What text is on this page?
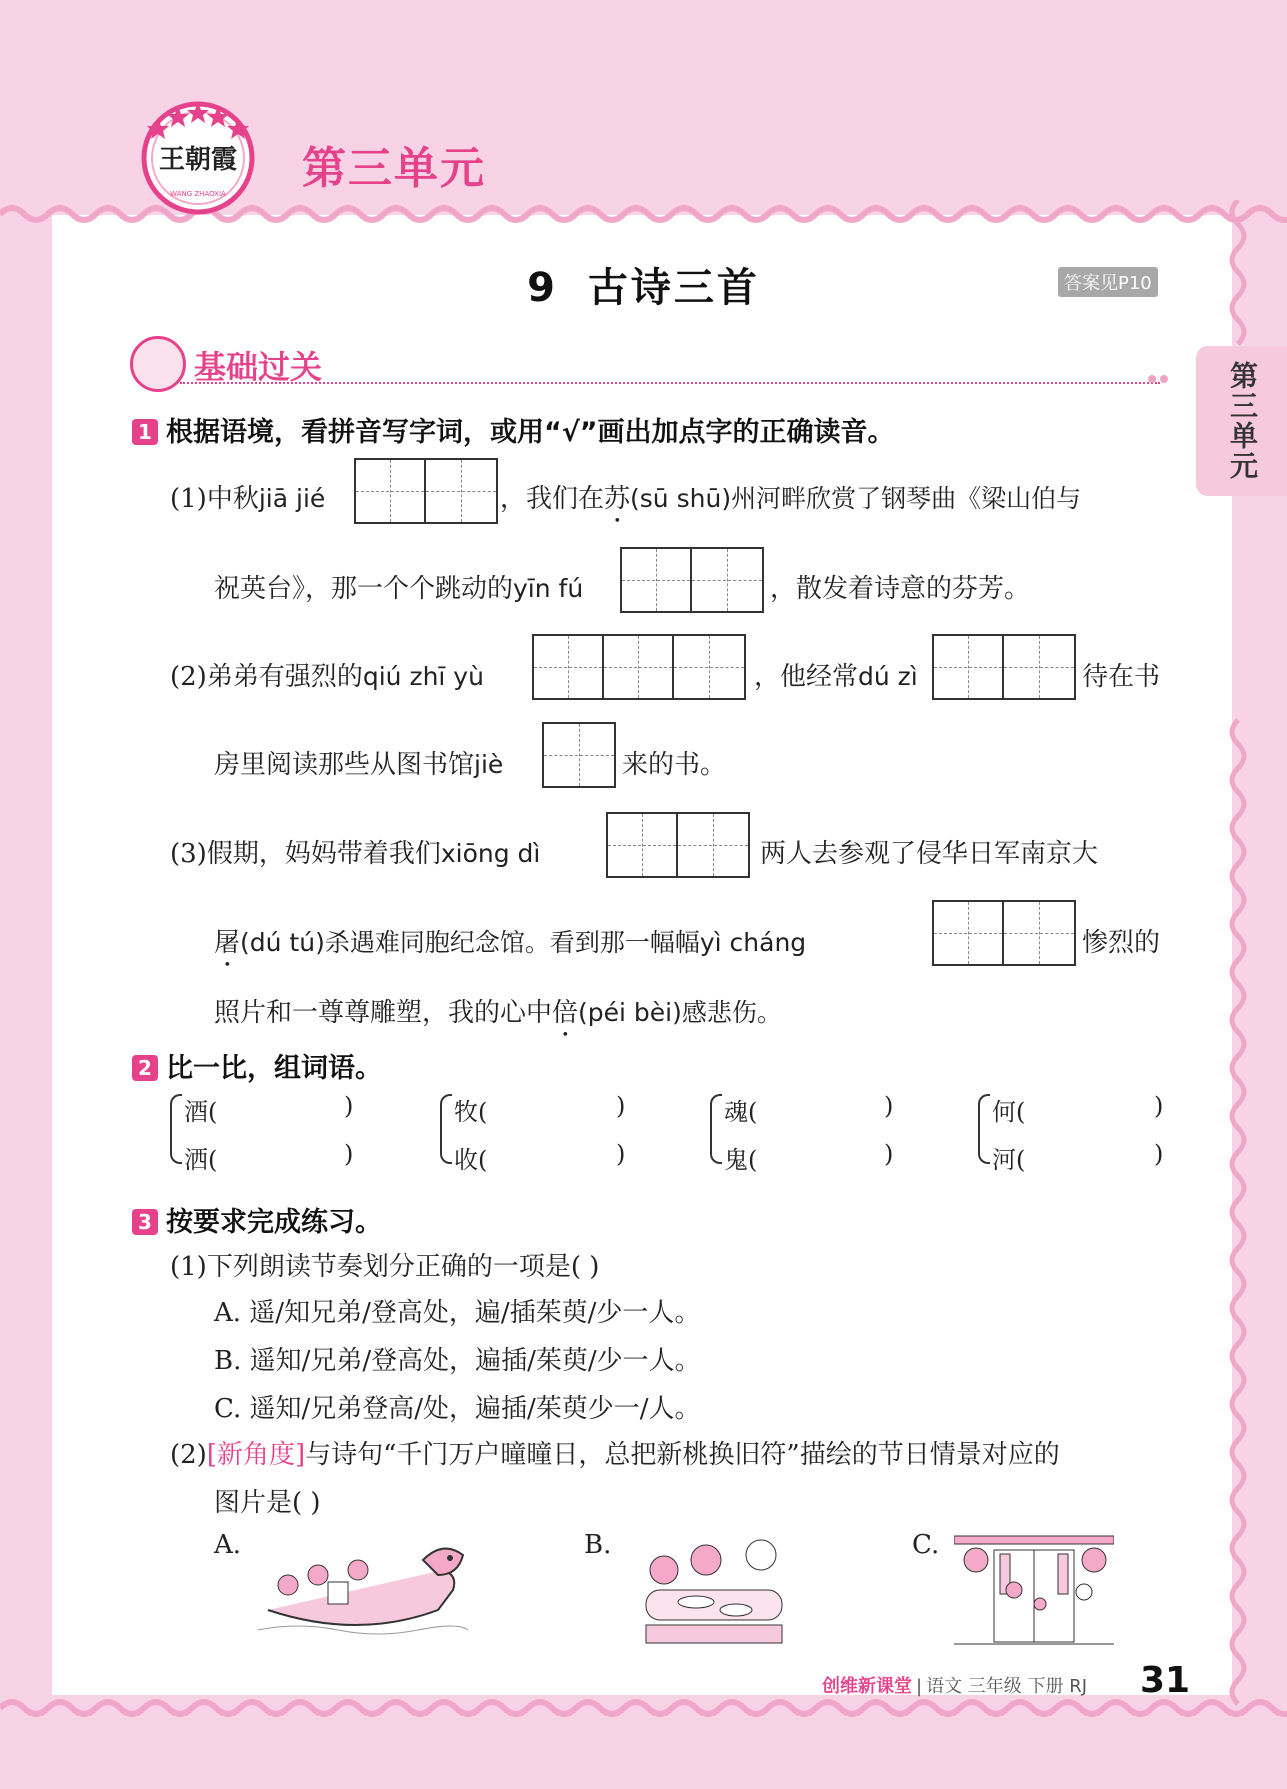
王朝霞
WANG ZHAOXIA 第三单元
第三单元
9 古诗三首	答案见P10
基础过关
1 根据语境，看拼音写字词，或用“√”画出加点字的正确读音。
(1)中秋jiā jié	，我们在苏(sū shū)州河畔欣赏了钢琴曲《梁山伯与
祝英台》，那一个个跳动的yīn fú	，散发着诗意的芬芳。
(2)弟弟有强烈的qiú zhī yù	，他经常dú zì	待在书
房里阅读那些从图书馆jiè	来的书。
(3)假期，妈妈带着我们xiōng dì	两人去参观了侵华日军南京大
屠(dú tú)杀遇难同胞纪念馆。看到那一幅幅yì cháng	惨烈的
照片和一尊尊雕塑，我的心中倍(péi bèi)感悲伤。
2 比一比，组词语。
酒(	)
洒(	)
牧(	)
收(	)
魂(	)
鬼(	)
何(	)
河(	)
3 按要求完成练习。
(1)下列朗读节奏划分正确的一项是( )
A. 遥/知兄弟/登高处，遍/插茱萸/少一人。
B. 遥知/兄弟/登高处，遍插/茱萸/少一人。
C. 遥知/兄弟登高/处，遍插/茱萸少一/人。
(2)[新角度]与诗句“千门万户曈曈日，总把新桃换旧符”描绘的节日情景对应的
图片是( )
A.	B.	C.
创维新课堂 | 语文 三年级 下册 RJ 31
